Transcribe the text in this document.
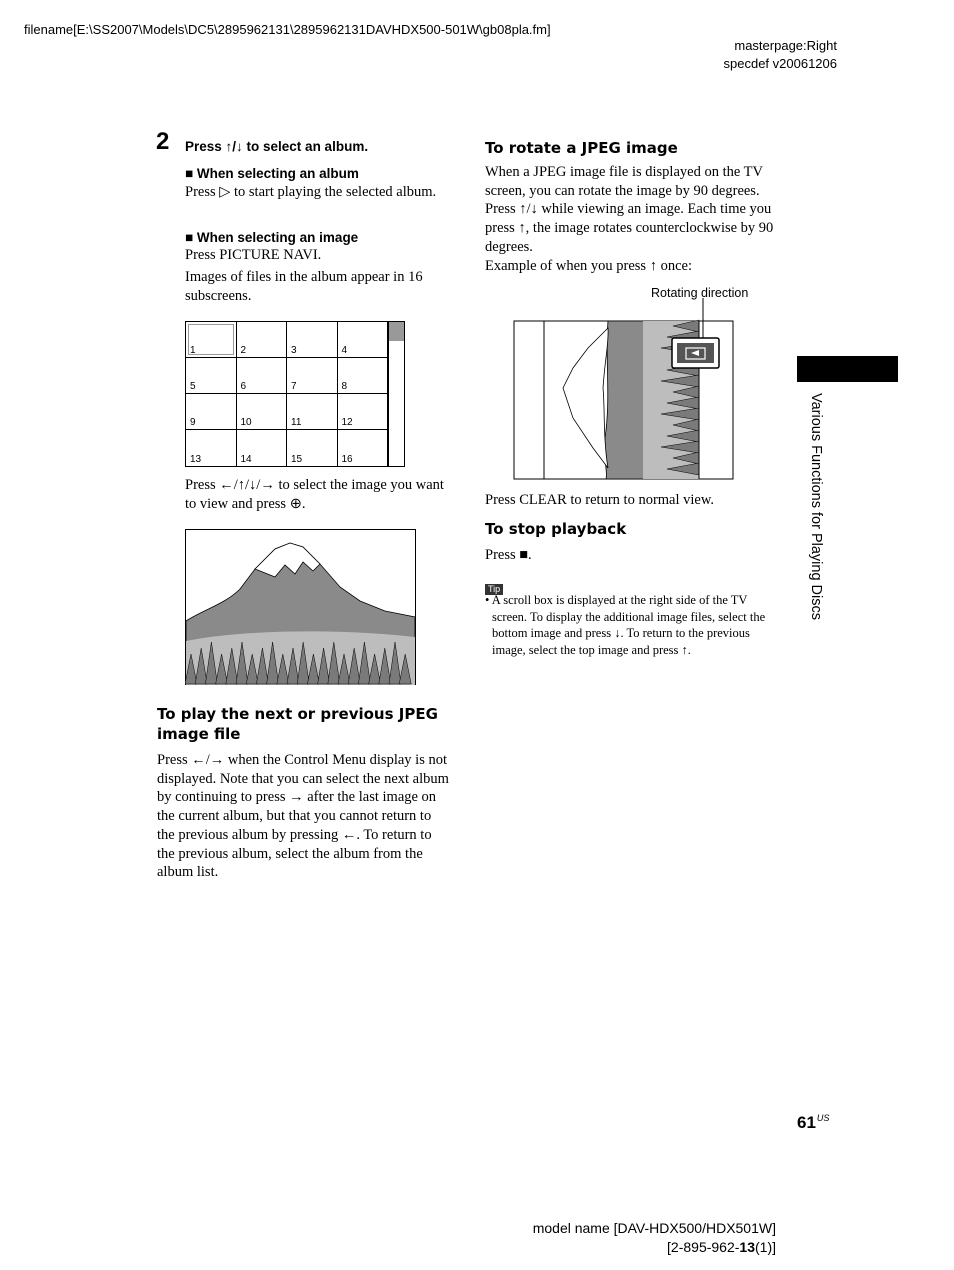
filename[E:\SS2007\Models\DC5\2895962131\2895962131DAVHDX500-501W\gb08pla.fm]
masterpage:Right
specdef v20061206
2 Press ↑/↓ to select an album.
■ When selecting an album
Press ▷ to start playing the selected album.
■ When selecting an image
Press PICTURE NAVI.
Images of files in the album appear in 16 subscreens.
1	2	3	4
5	6	7	8
9	10	11	12
13	14	15	16
Press ←/↑/↓/→ to select the image you want to view and press ⊕.
To play the next or previous JPEG image file
Press ←/→ when the Control Menu display is not displayed. Note that you can select the next album by continuing to press → after the last image on the current album, but that you cannot return to the previous album by pressing ←. To return to the previous album, select the album from the album list.
To rotate a JPEG image
When a JPEG image file is displayed on the TV screen, you can rotate the image by 90 degrees. Press ↑/↓ while viewing an image. Each time you press ↑, the image rotates counterclockwise by 90 degrees.
Example of when you press ↑ once:
Rotating direction
Press CLEAR to return to normal view.
To stop playback
Press ■.
Tip
• A scroll box is displayed at the right side of the TV screen. To display the additional image files, select the bottom image and press ↓. To return to the previous image, select the top image and press ↑.
Various Functions for Playing Discs
$61^{US}$
model name [DAV-HDX500/HDX501W]
[2-895-962-13(1)]
